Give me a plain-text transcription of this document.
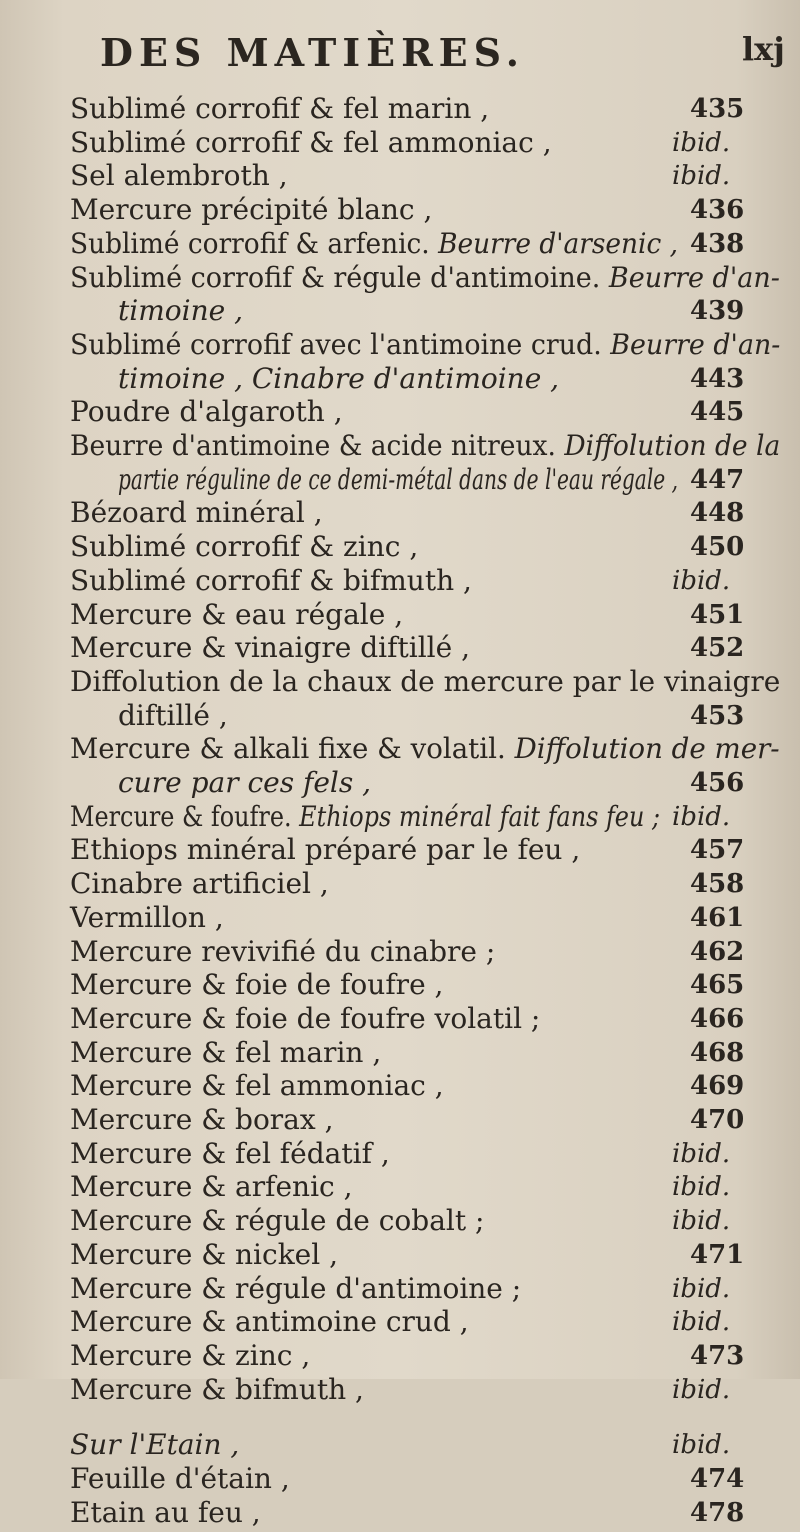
DES MATIÈRES.	lxj
Sublimé corrofif & fel marin ,	435
Sublimé corrofif & fel ammoniac ,	ibid.
Sel alembroth ,	ibid.
Mercure précipité blanc ,	436
Sublimé corrofif & arfenic. Beurre d'arsenic , 438
Sublimé corrofif & régule d'antimoine. Beurre d'an-
timoine ,	439
Sublimé corrofif avec l'antimoine crud. Beurre d'an-
timoine , Cinabre d'antimoine ,	443
Poudre d'algaroth ,	445
Beurre d'antimoine & acide nitreux. Diffolution de la
partie réguline de ce demi-métal dans de l'eau régale , 447
Bézoard minéral ,	448
Sublimé corrofif & zinc ,	450
Sublimé corrofif & bifmuth ,	ibid.
Mercure & eau régale ,	451
Mercure & vinaigre diftillé ,	452
Diffolution de la chaux de mercure par le vinaigre
diftillé ,	453
Mercure & alkali fixe & volatil. Diffolution de mer-
cure par ces fels ,	456
Mercure & foufre. Ethiops minéral fait fans feu ; ibid.
Ethiops minéral préparé par le feu ,	457
Cinabre artificiel ,	458
Vermillon ,	461
Mercure revivifié du cinabre ;	462
Mercure & foie de foufre ,	465
Mercure & foie de foufre volatil ;	466
Mercure & fel marin ,	468
Mercure & fel ammoniac ,	469
Mercure & borax ,	470
Mercure & fel fédatif ,	ibid.
Mercure & arfenic ,	ibid.
Mercure & régule de cobalt ;	ibid.
Mercure & nickel ,	471
Mercure & régule d'antimoine ;	ibid.
Mercure & antimoine crud ,	ibid.
Mercure & zinc ,	473
Mercure & bifmuth ,	ibid.
Sur l'Etain ,	ibid.
Feuille d'étain ,	474
Etain au feu ,	478
